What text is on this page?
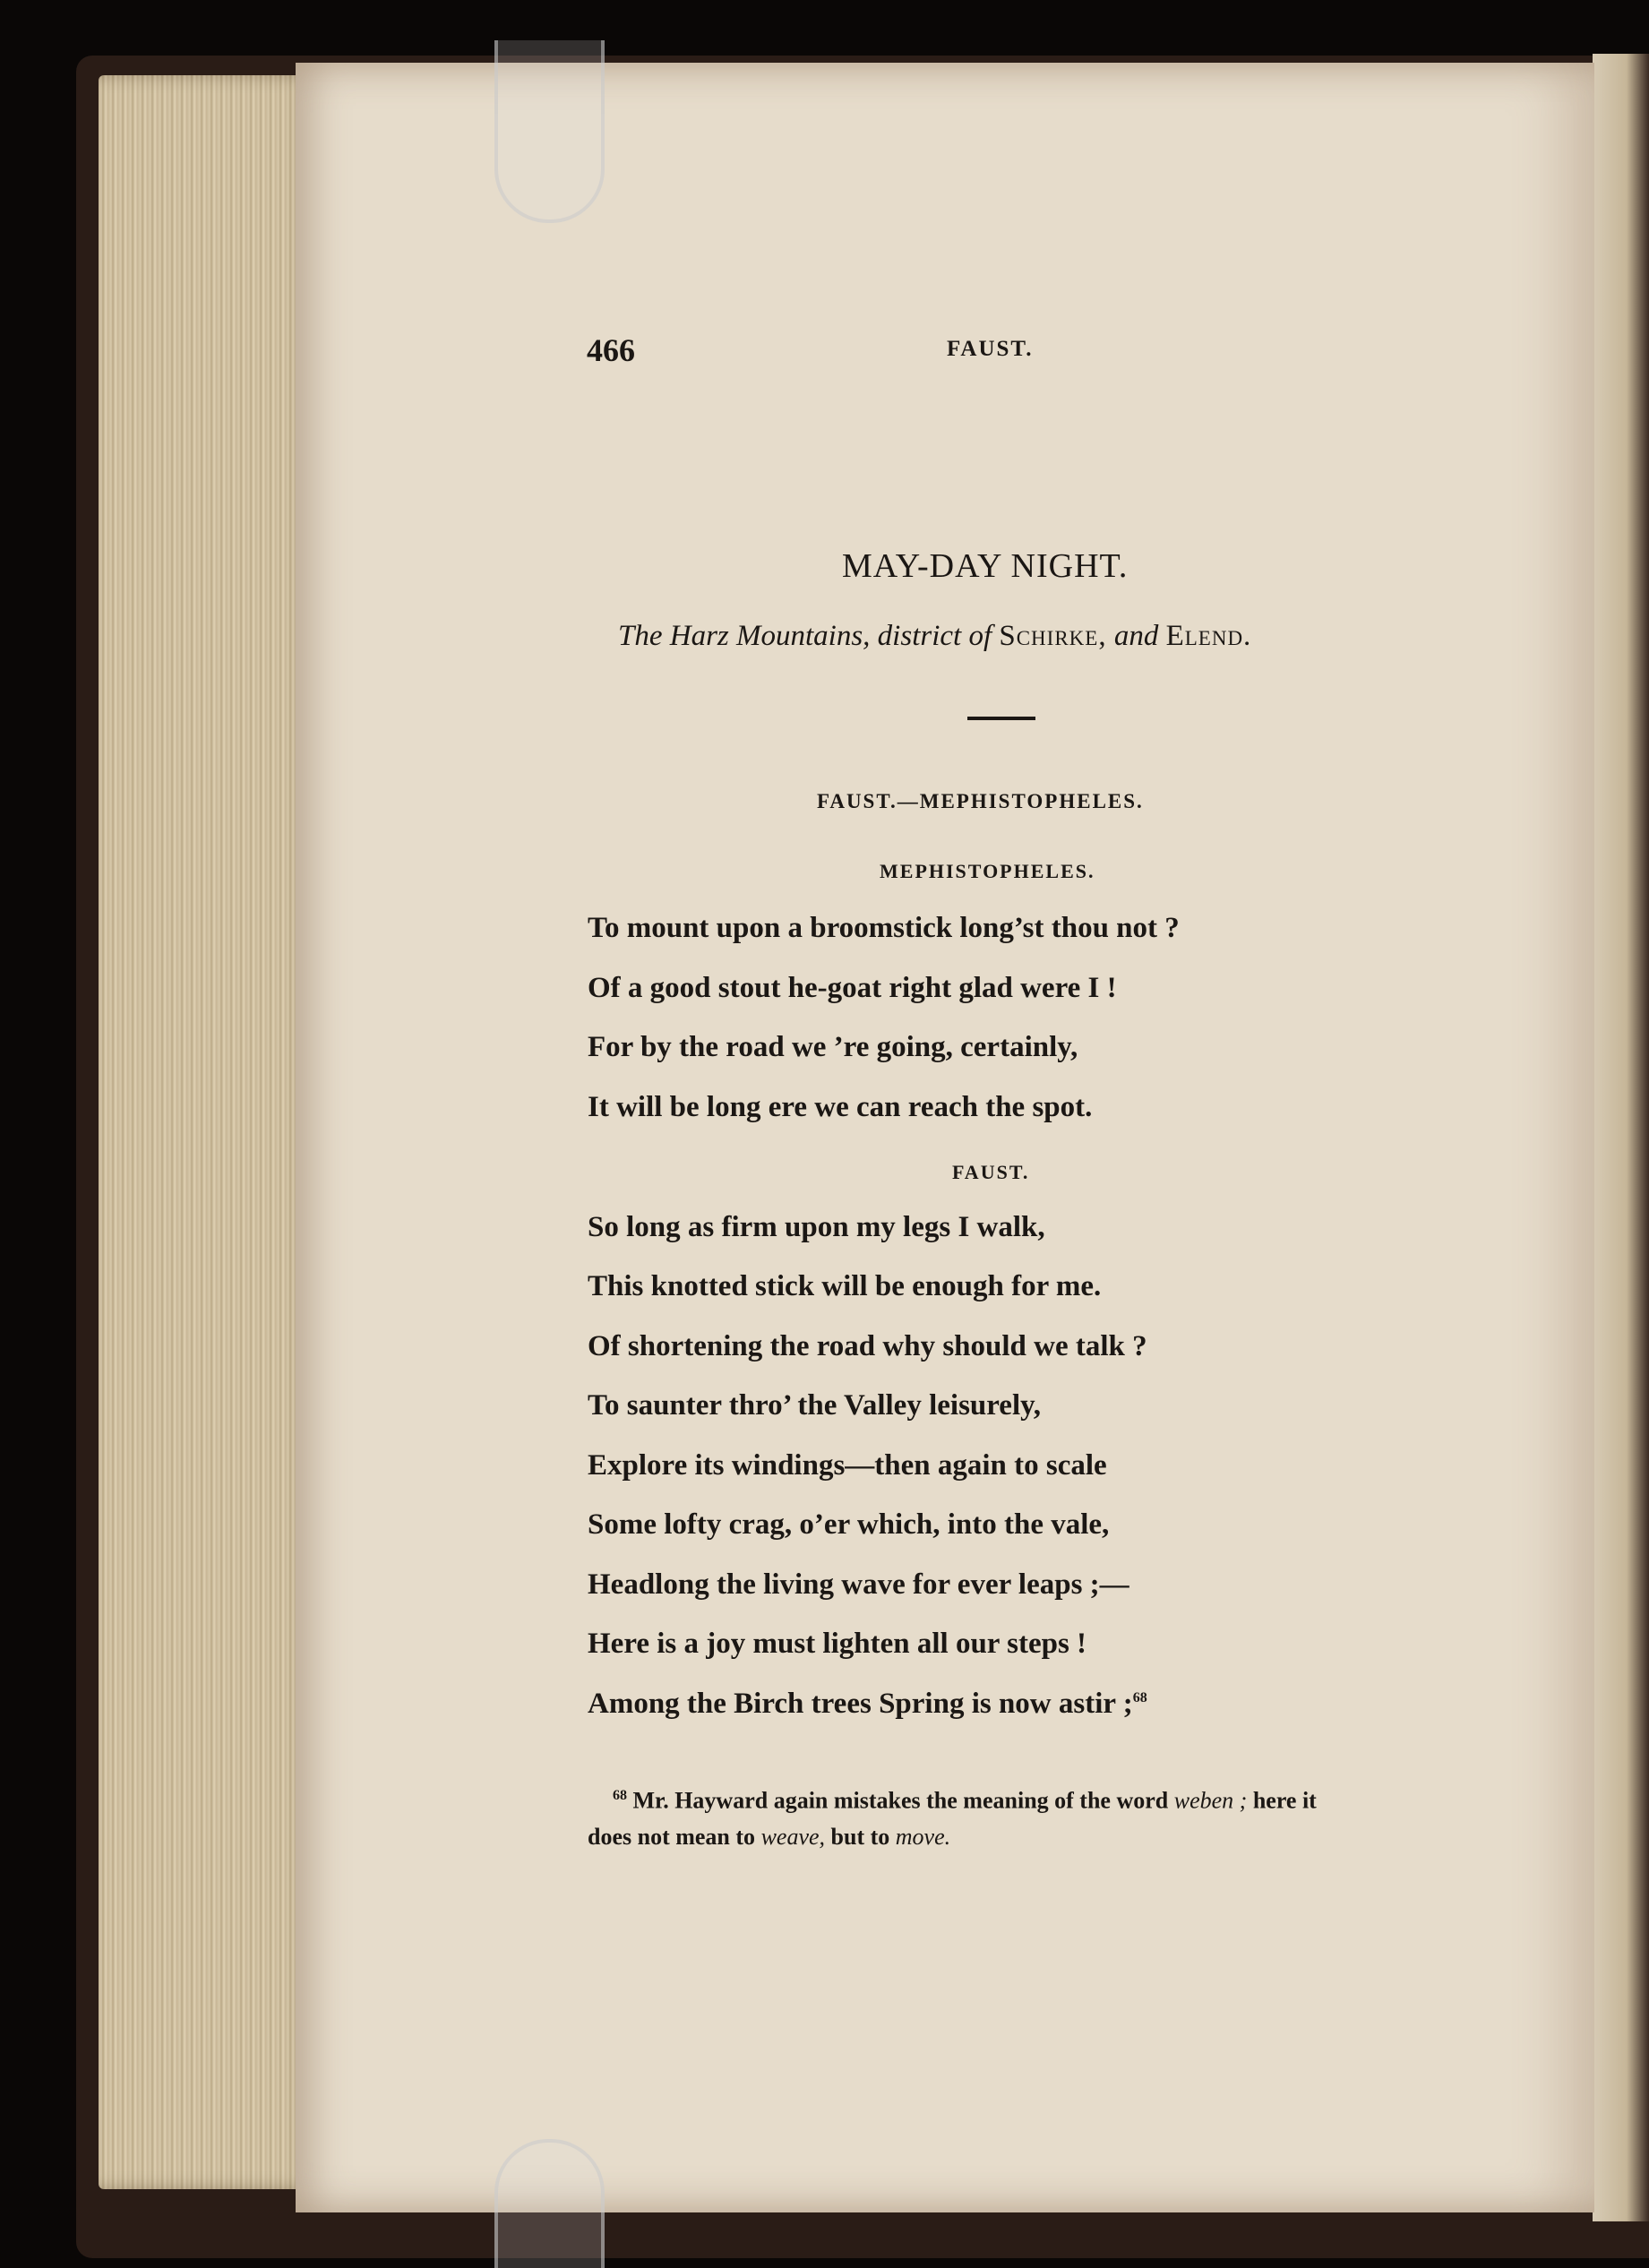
466	FAUST.
MAY-DAY NIGHT.
The Harz Mountains, district of Schirke, and Elend.
FAUST.—MEPHISTOPHELES.
MEPHISTOPHELES.
To mount upon a broomstick long’st thou not ?
Of a good stout he-goat right glad were I !
For by the road we ’re going, certainly,
It will be long ere we can reach the spot.
FAUST.
So long as firm upon my legs I walk,
This knotted stick will be enough for me.
Of shortening the road why should we talk ?
To saunter thro’ the Valley leisurely,
Explore its windings—then again to scale
Some lofty crag, o’er which, into the vale,
Headlong the living wave for ever leaps ;—
Here is a joy must lighten all our steps !
Among the Birch trees Spring is now astir ;$^{68}$
$^{68}$ Mr. Hayward again mistakes the meaning of the word weben ; here it
does not mean to weave, but to move.
